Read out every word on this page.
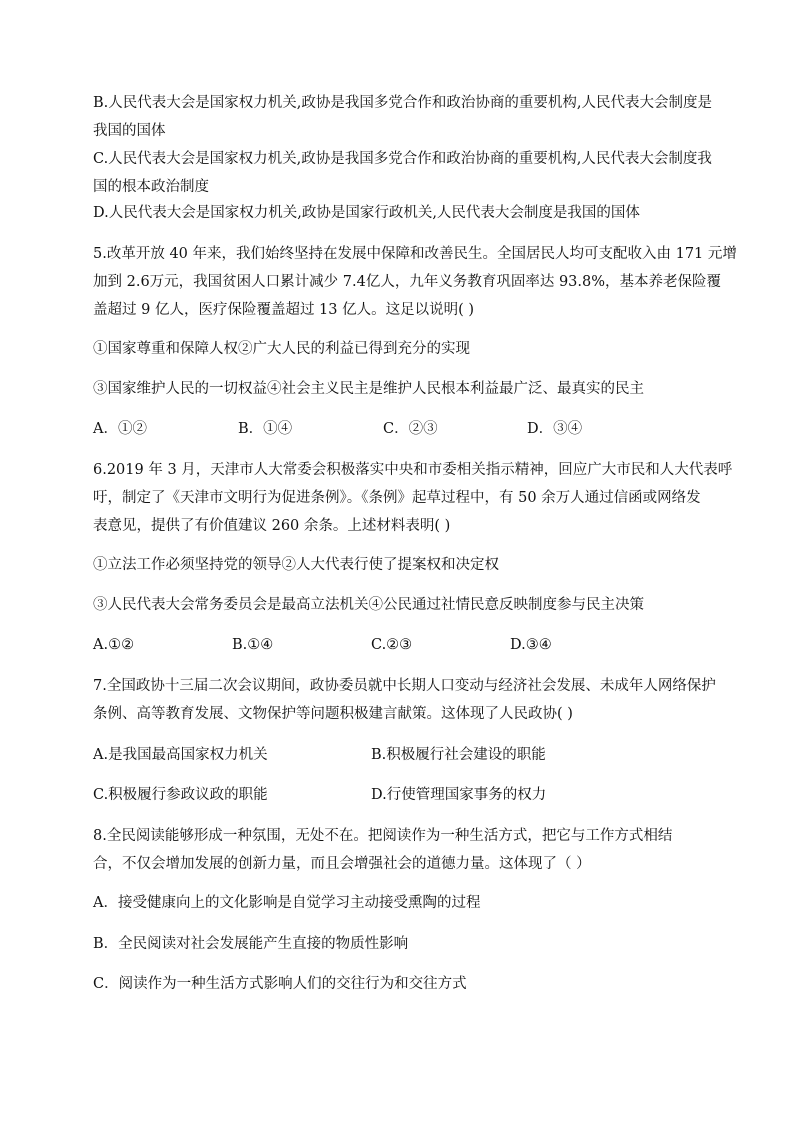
B.人民代表大会是国家权力机关,政协是我国多党合作和政治协商的重要机构,人民代表大会制度是
我国的国体
C.人民代表大会是国家权力机关,政协是我国多党合作和政治协商的重要机构,人民代表大会制度我
国的根本政治制度
D.人民代表大会是国家权力机关,政协是国家行政机关,人民代表大会制度是我国的国体
5.改革开放 40 年来，我们始终坚持在发展中保障和改善民生。全国居民人均可支配收入由 171 元增
加到 2.6万元，我国贫困人口累计减少 7.4亿人，九年义务教育巩固率达 93.8%，基本养老保险覆
盖超过 9 亿人，医疗保险覆盖超过 13 亿人。这足以说明( )
①国家尊重和保障人权②广大人民的利益已得到充分的实现
③国家维护人民的一切权益④社会主义民主是维护人民根本利益最广泛、最真实的民主
A．①②	B．①④	C．②③	D．③④
6.2019 年 3 月，天津市人大常委会积极落实中央和市委相关指示精神，回应广大市民和人大代表呼
吁，制定了《天津市文明行为促进条例》。《条例》起草过程中，有 50 余万人通过信函或网络发
表意见，提供了有价值建议 260 余条。上述材料表明( )
①立法工作必须坚持党的领导②人大代表行使了提案权和决定权
③人民代表大会常务委员会是最高立法机关④公民通过社情民意反映制度参与民主决策
A.①②	B.①④	C.②③	D.③④
7.全国政协十三届二次会议期间，政协委员就中长期人口变动与经济社会发展、未成年人网络保护
条例、高等教育发展、文物保护等问题积极建言献策。这体现了人民政协( )
A.是我国最高国家权力机关	B.积极履行社会建设的职能
C.积极履行参政议政的职能	D.行使管理国家事务的权力
8.全民阅读能够形成一种氛围，无处不在。把阅读作为一种生活方式，把它与工作方式相结
合，不仅会增加发展的创新力量，而且会增强社会的道德力量。这体现了（ ）
A．接受健康向上的文化影响是自觉学习主动接受熏陶的过程
B．全民阅读对社会发展能产生直接的物质性影响
C．阅读作为一种生活方式影响人们的交往行为和交往方式
